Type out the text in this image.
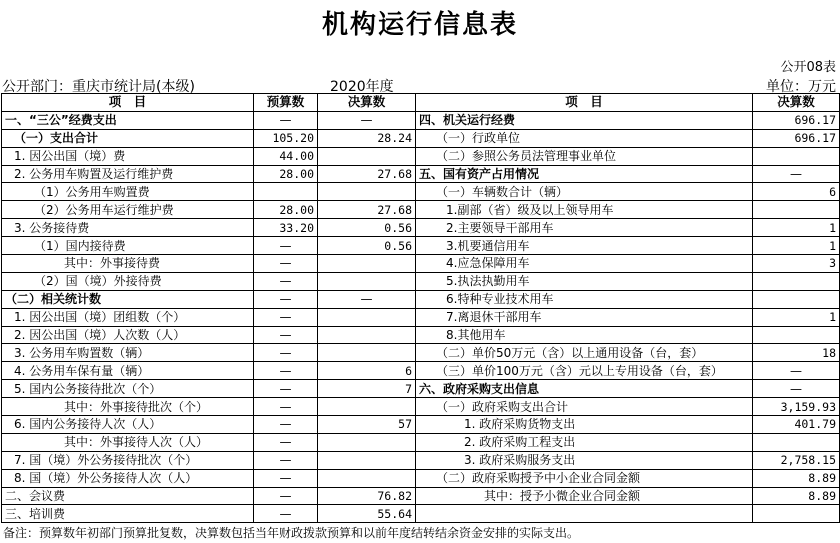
机构运行信息表
公开08表
公开部门：重庆市统计局(本级)	2020年度	单位：万元
项　目	预算数	决算数	项　目	决算数
一、“三公”经费支出	—	—	四、机关运行经费	696.17
（一）支出合计	105.20	28.24	（一）行政单位	696.17
1. 因公出国（境）费	44.00		（二）参照公务员法管理事业单位	
2. 公务用车购置及运行维护费	28.00	27.68	五、国有资产占用情况	—
（1）公务用车购置费			（一）车辆数合计（辆）	6
（2）公务用车运行维护费	28.00	27.68	1.副部（省）级及以上领导用车	
3. 公务接待费	33.20	0.56	2.主要领导干部用车	1
（1）国内接待费	—	0.56	3.机要通信用车	1
其中：外事接待费	—		4.应急保障用车	3
（2）国（境）外接待费	—		5.执法执勤用车	
（二）相关统计数	—	—	6.特种专业技术用车	
1. 因公出国（境）团组数（个）	—		7.离退休干部用车	1
2. 因公出国（境）人次数（人）	—		8.其他用车	
3. 公务用车购置数（辆）	—		（二）单价50万元（含）以上通用设备（台，套）	18
4. 公务用车保有量（辆）	—	6	（三）单价100万元（含）元以上专用设备（台，套）	—
5. 国内公务接待批次（个）	—	7	六、政府采购支出信息	—
其中：外事接待批次（个）	—		（一）政府采购支出合计	3,159.93
6. 国内公务接待人次（人）	—	57	1. 政府采购货物支出	401.79
其中：外事接待人次（人）	—		2. 政府采购工程支出	
7. 国（境）外公务接待批次（个）	—		3. 政府采购服务支出	2,758.15
8. 国（境）外公务接待人次（人）	—		（二）政府采购授予中小企业合同金额	8.89
二、会议费	—	76.82	其中：授予小微企业合同金额	8.89
三、培训费	—	55.64		
备注：预算数年初部门预算批复数，决算数包括当年财政拨款预算和以前年度结转结余资金安排的实际支出。
